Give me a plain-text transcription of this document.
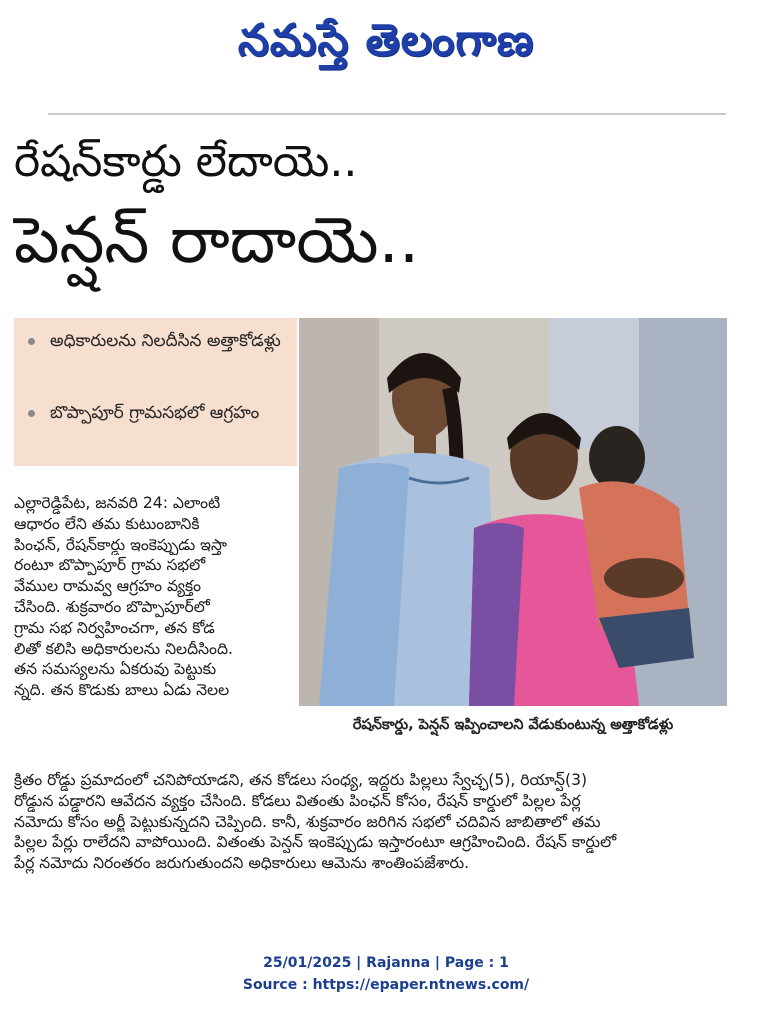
నమస్తే తెలంగాణ
రేషన్‌కార్డు లేదాయె..
పెన్షన్ రాదాయె..
అధికారులను నిలదీసిన అత్తాకోడళ్లు
బొప్పాపూర్ గ్రామసభలో ఆగ్రహం
రేషన్‌కార్డు, పెన్షన్ ఇప్పించాలని వేడుకుంటున్న అత్తాకోడళ్లు
ఎల్లారెడ్డిపేట, జనవరి 24: ఎలాంటి
ఆధారం లేని తమ కుటుంబానికి
పింఛన్, రేషన్‌కార్డు ఇంకెప్పుడు ఇస్తా
రంటూ బొప్పాపూర్ గ్రామ సభలో
వేముల రామవ్వ ఆగ్రహం వ్యక్తం
చేసింది. శుక్రవారం బొప్పాపూర్‌లో
గ్రామ సభ నిర్వహించగా, తన కోడ
లితో కలిసి అధికారులను నిలదీసింది.
తన సమస్యలను ఏకరువు పెట్టుకు
న్నది. తన కొడుకు బాలు ఏడు నెలల
క్రితం రోడ్డు ప్రమాదంలో చనిపోయాడని, తన కోడలు సంధ్య, ఇద్దరు పిల్లలు స్వేచ్ఛ(5), రియాన్ష్(3)
రోడ్డున పడ్డారని ఆవేదన వ్యక్తం చేసింది. కోడలు వితంతు పింఛన్ కోసం, రేషన్ కార్డులో పిల్లల పేర్ల
నమోదు కోసం అర్జీ పెట్టుకున్నదని చెప్పింది. కానీ, శుక్రవారం జరిగిన సభలో చదివిన జాబితాలో తమ
పిల్లల పేర్లు రాలేదని వాపోయింది. వితంతు పెన్షన్ ఇంకెప్పుడు ఇస్తారంటూ ఆగ్రహించింది. రేషన్ కార్డులో
పేర్ల నమోదు నిరంతరం జరుగుతుందని అధికారులు ఆమెను శాంతింపజేశారు.
25/01/2025 | Rajanna | Page : 1
Source : https://epaper.ntnews.com/
